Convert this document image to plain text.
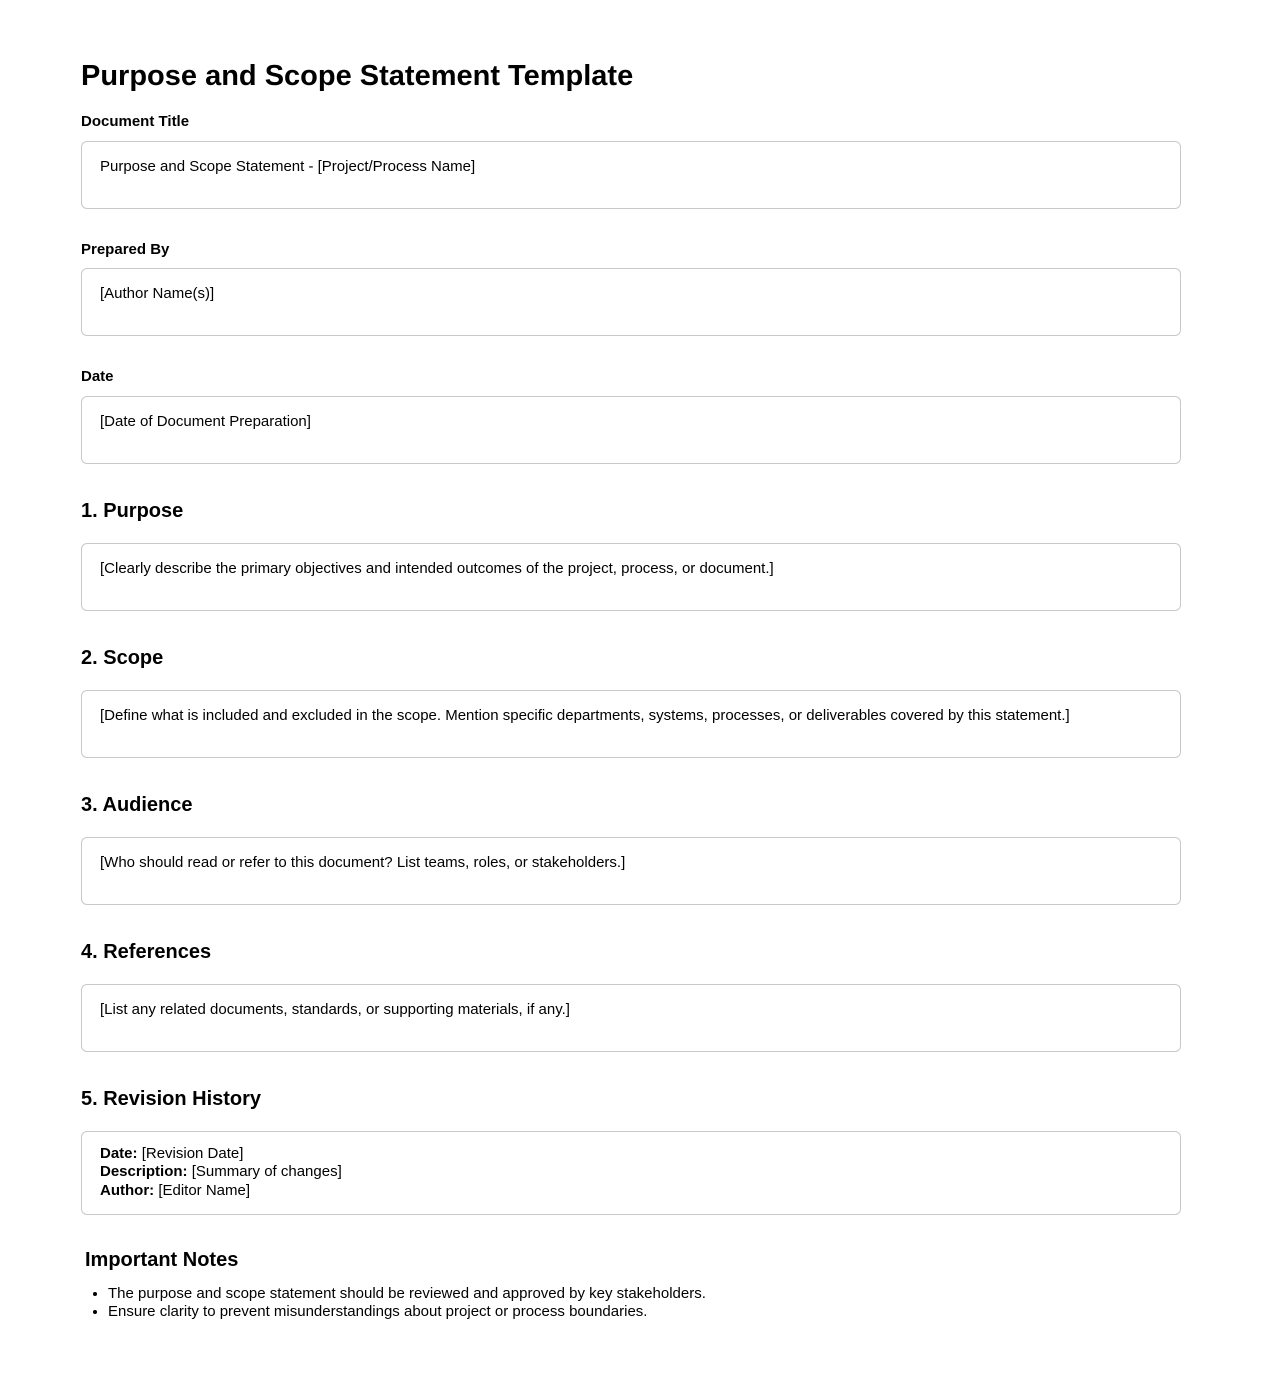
Purpose and Scope Statement Template
Document Title
Purpose and Scope Statement - [Project/Process Name]
Prepared By
[Author Name(s)]
Date
[Date of Document Preparation]
1. Purpose
[Clearly describe the primary objectives and intended outcomes of the project, process, or document.]
2. Scope
[Define what is included and excluded in the scope. Mention specific departments, systems, processes, or deliverables covered by this statement.]
3. Audience
[Who should read or refer to this document? List teams, roles, or stakeholders.]
4. References
[List any related documents, standards, or supporting materials, if any.]
5. Revision History
Date: [Revision Date]
Description: [Summary of changes]
Author: [Editor Name]
Important Notes
• The purpose and scope statement should be reviewed and approved by key stakeholders.
• Ensure clarity to prevent misunderstandings about project or process boundaries.
